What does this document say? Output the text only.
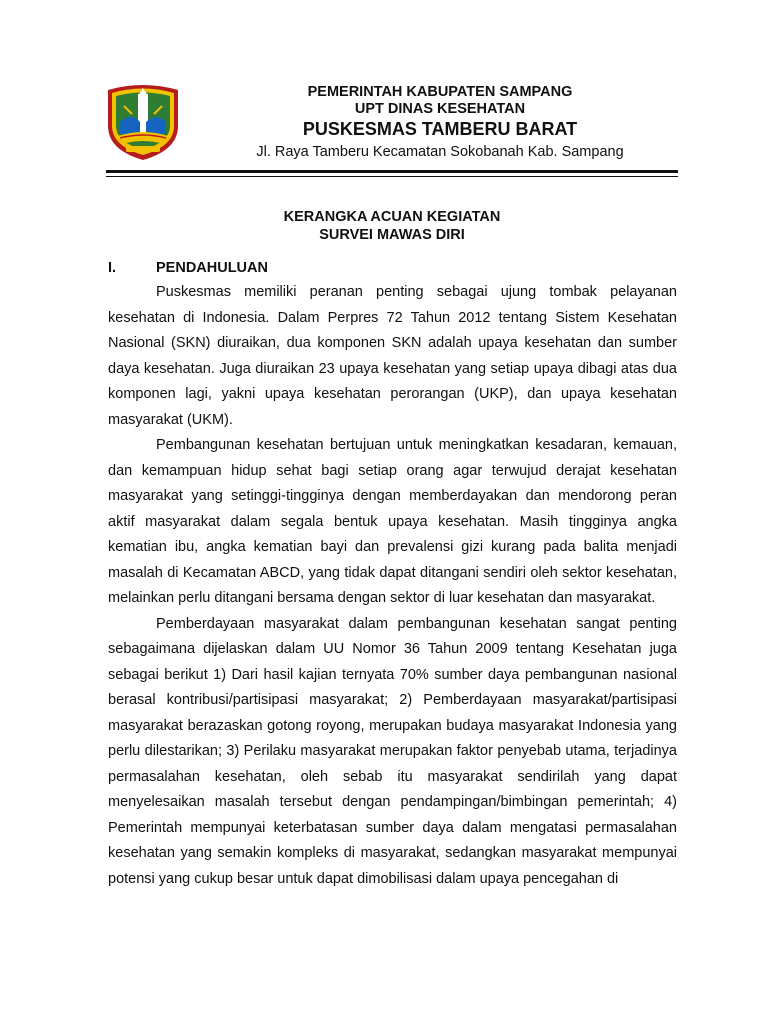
PEMERINTAH KABUPATEN SAMPANG
UPT DINAS KESEHATAN
PUSKESMAS TAMBERU BARAT
Jl. Raya Tamberu Kecamatan Sokobanah Kab. Sampang
KERANGKA ACUAN KEGIATAN
SURVEI MAWAS DIRI
I.	PENDAHULUAN

Puskesmas memiliki peranan penting sebagai ujung tombak pelayanan kesehatan di Indonesia. Dalam Perpres 72 Tahun 2012 tentang Sistem Kesehatan Nasional (SKN) diuraikan, dua komponen SKN adalah upaya kesehatan dan sumber daya kesehatan. Juga diuraikan 23 upaya kesehatan yang setiap upaya dibagi atas dua komponen lagi, yakni upaya kesehatan perorangan (UKP), dan upaya kesehatan masyarakat (UKM).

Pembangunan kesehatan bertujuan untuk meningkatkan kesadaran, kemauan, dan kemampuan hidup sehat bagi setiap orang agar terwujud derajat kesehatan masyarakat yang setinggi-tingginya dengan memberdayakan dan mendorong peran aktif masyarakat dalam segala bentuk upaya kesehatan. Masih tingginya angka kematian ibu, angka kematian bayi dan prevalensi gizi kurang pada balita menjadi masalah di Kecamatan ABCD, yang tidak dapat ditangani sendiri oleh sektor kesehatan, melainkan perlu ditangani bersama dengan sektor di luar kesehatan dan masyarakat.

Pemberdayaan masyarakat dalam pembangunan kesehatan sangat penting sebagaimana dijelaskan dalam UU Nomor 36 Tahun 2009 tentang Kesehatan juga sebagai berikut 1) Dari hasil kajian ternyata 70% sumber daya pembangunan nasional berasal kontribusi/partisipasi masyarakat; 2) Pemberdayaan masyarakat/partisipasi masyarakat berazaskan gotong royong, merupakan budaya masyarakat Indonesia yang perlu dilestarikan; 3) Perilaku masyarakat merupakan faktor penyebab utama, terjadinya permasalahan kesehatan, oleh sebab itu masyarakat sendirilah yang dapat menyelesaikan masalah tersebut dengan pendampingan/bimbingan pemerintah; 4) Pemerintah mempunyai keterbatasan sumber daya dalam mengatasi permasalahan kesehatan yang semakin kompleks di masyarakat, sedangkan masyarakat mempunyai potensi yang cukup besar untuk dapat dimobilisasi dalam upaya pencegahan di
